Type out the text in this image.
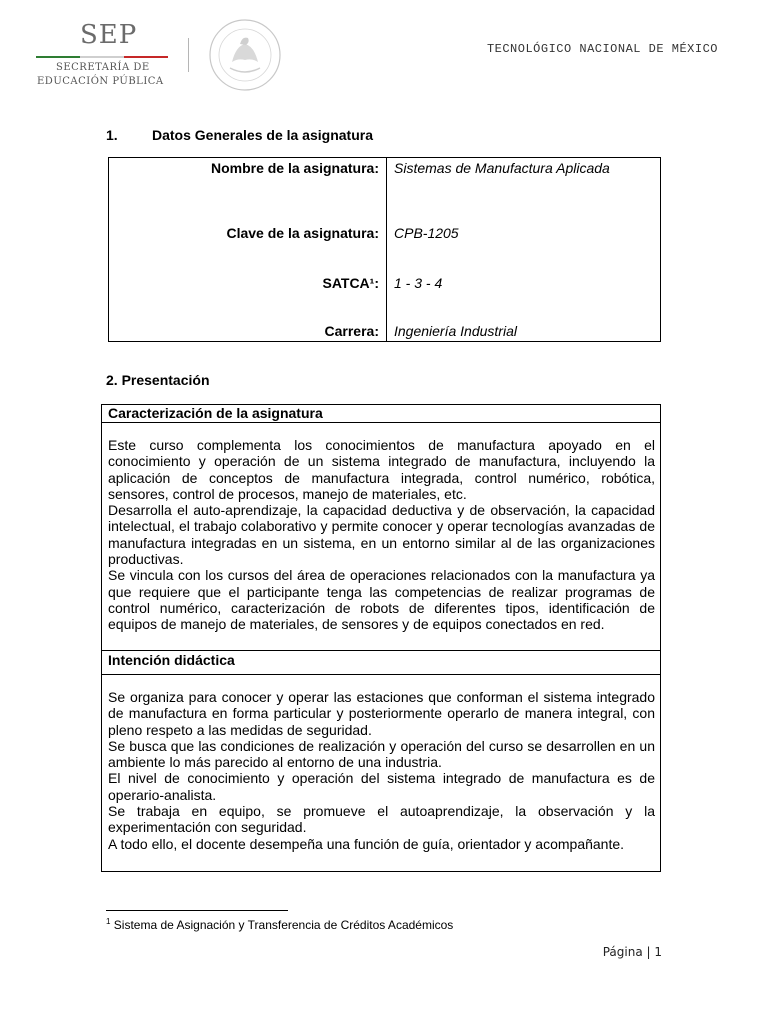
SEP
SECRETARÍA DE
EDUCACIÓN PÚBLICA
TECNOLÓGICO NACIONAL DE MÉXICO
1. Datos Generales de la asignatura
Nombre de la asignatura: Sistemas de Manufactura Aplicada
Clave de la asignatura: CPB-1205
SATCA¹: 1 - 3 - 4
Carrera: Ingeniería Industrial
2. Presentación
Caracterización de la asignatura

Este curso complementa los conocimientos de manufactura apoyado en el conocimiento y operación de un sistema integrado de manufactura, incluyendo la aplicación de conceptos de manufactura integrada, control numérico, robótica, sensores, control de procesos, manejo de materiales, etc.

Desarrolla el auto-aprendizaje, la capacidad deductiva y de observación, la capacidad intelectual, el trabajo colaborativo y permite conocer y operar tecnologías avanzadas de manufactura integradas en un sistema, en un entorno similar al de las organizaciones productivas.

Se vincula con los cursos del área de operaciones relacionados con la manufactura ya que requiere que el participante tenga las competencias de realizar programas de control numérico, caracterización de robots de diferentes tipos, identificación de equipos de manejo de materiales, de sensores y de equipos conectados en red.

Intención didáctica

Se organiza para conocer y operar las estaciones que conforman el sistema integrado de manufactura en forma particular y posteriormente operarlo de manera integral, con pleno respeto a las medidas de seguridad.

Se busca que las condiciones de realización y operación del curso se desarrollen en un ambiente lo más parecido al entorno de una industria.

El nivel de conocimiento y operación del sistema integrado de manufactura es de operario-analista.

Se trabaja en equipo, se promueve el autoaprendizaje, la observación y la experimentación con seguridad.

A todo ello, el docente desempeña una función de guía, orientador y acompañante.

$^1$ Sistema de Asignación y Transferencia de Créditos Académicos
Página | 1
